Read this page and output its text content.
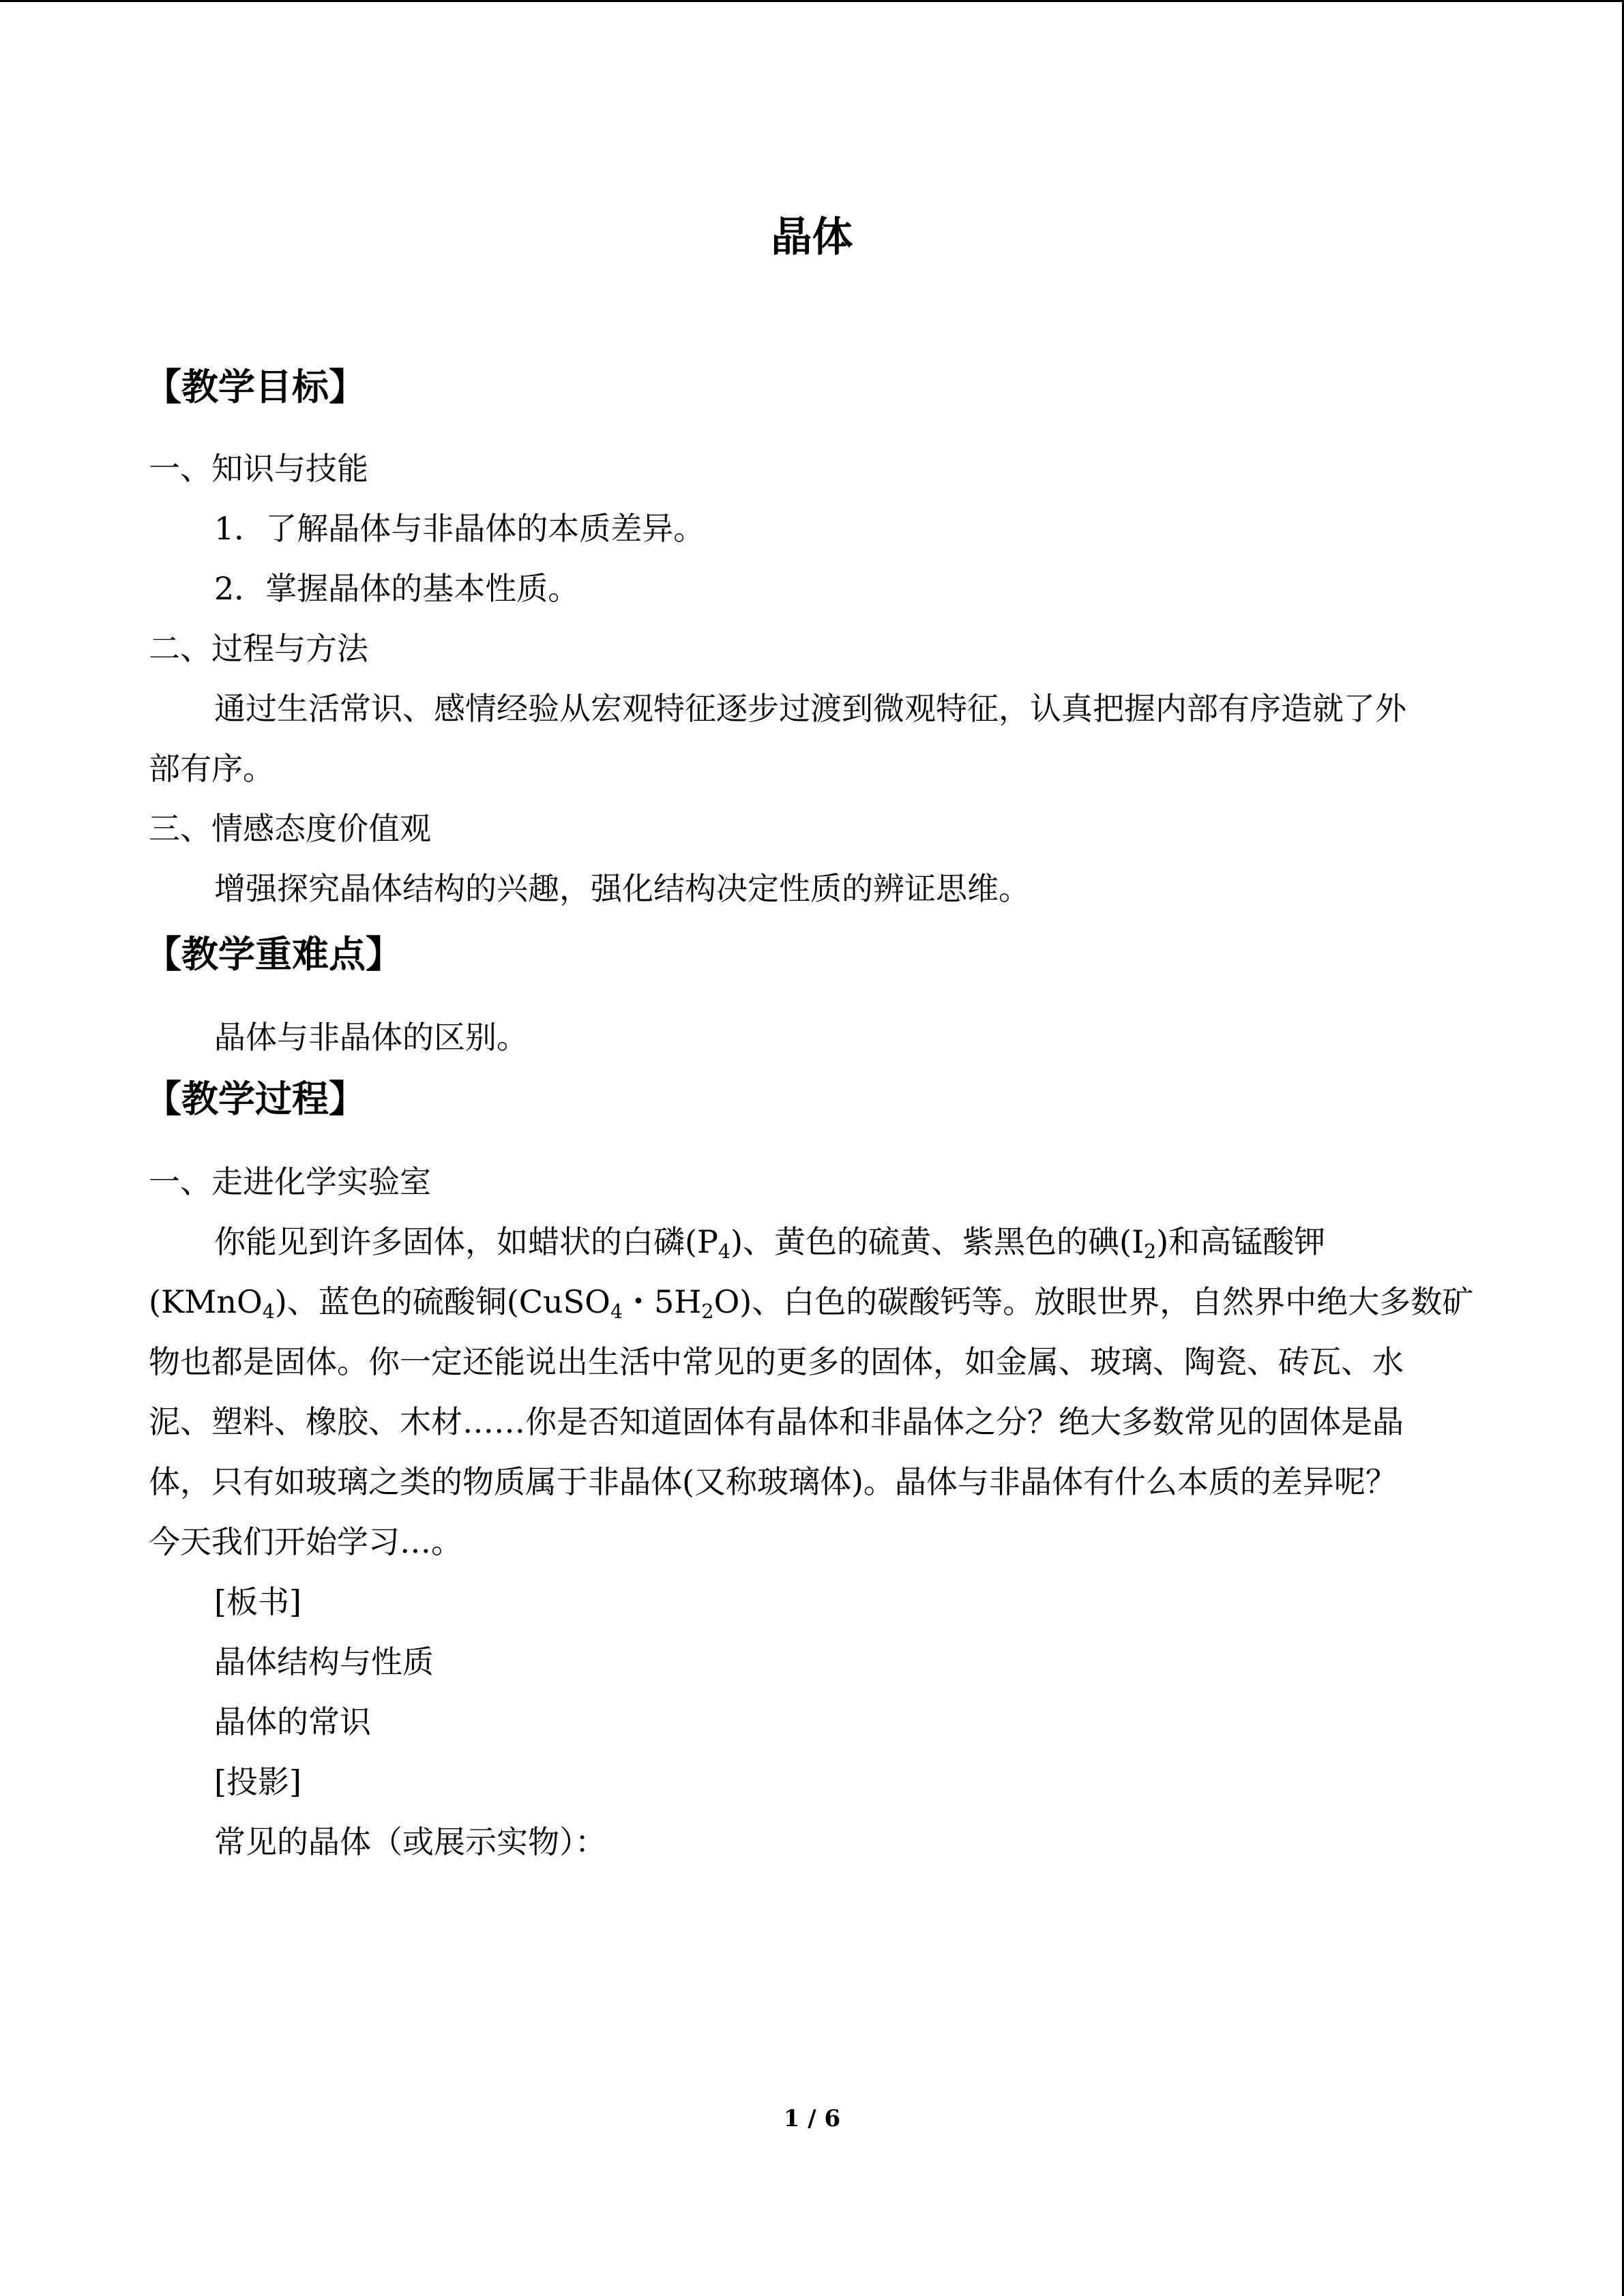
晶体
【教学目标】
一、知识与技能
1．了解晶体与非晶体的本质差异。
2．掌握晶体的基本性质。
二、过程与方法
通过生活常识、感情经验从宏观特征逐步过渡到微观特征，认真把握内部有序造就了外
部有序。
三、情感态度价值观
增强探究晶体结构的兴趣，强化结构决定性质的辨证思维。
【教学重难点】
晶体与非晶体的区别。
【教学过程】
一、走进化学实验室
你能见到许多固体，如蜡状的白磷$(P_4)$、黄色的硫黄、紫黑色的碘$(I_2)$和高锰酸钾
(KMnO$_4$)、蓝色的硫酸铜(CuSO$_4$・$5H_2O$)、白色的碳酸钙等。放眼世界，自然界中绝大多数矿
物也都是固体。你一定还能说出生活中常见的更多的固体，如金属、玻璃、陶瓷、砖瓦、水
泥、塑料、橡胶、木材……你是否知道固体有晶体和非晶体之分？绝大多数常见的固体是晶
体，只有如玻璃之类的物质属于非晶体(又称玻璃体)。晶体与非晶体有什么本质的差异呢？
今天我们开始学习…。
[板书]
晶体结构与性质
晶体的常识
[投影]
常见的晶体（或展示实物）：
1 / 6
